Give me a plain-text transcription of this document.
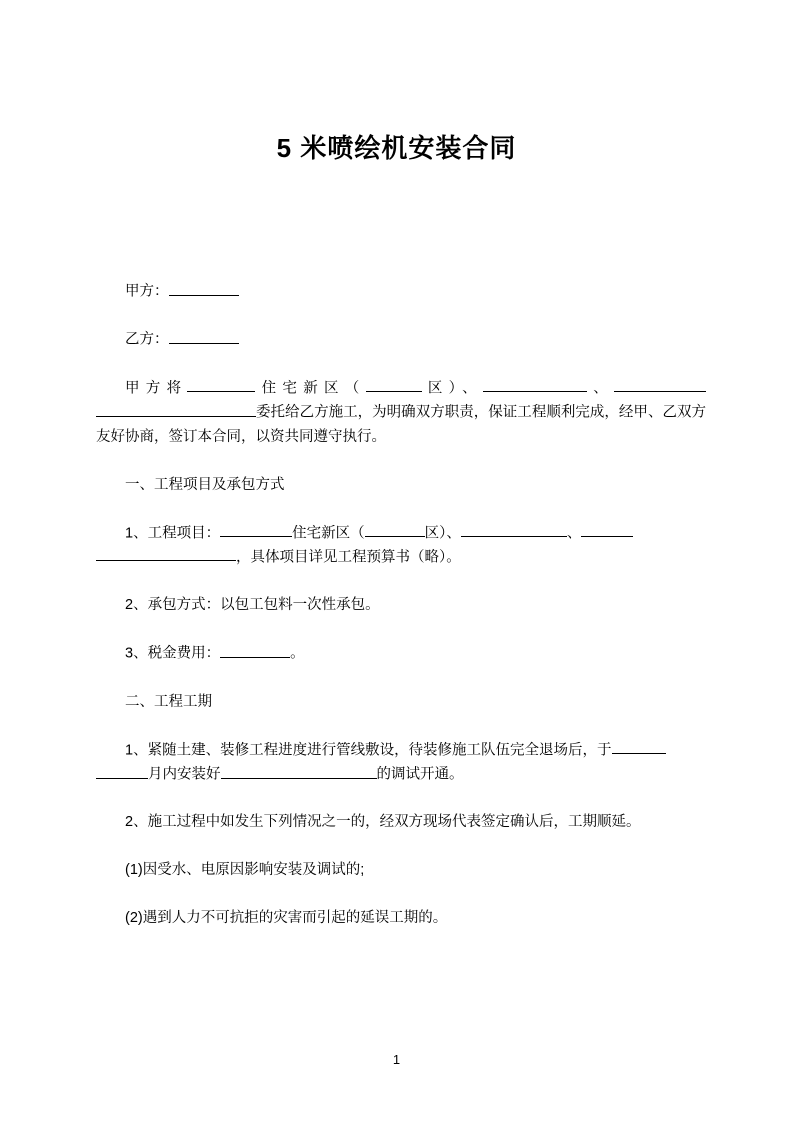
5 米喷绘机安装合同

甲方：

乙方：

甲方将	住宅新区（	区）、	、委托给乙方施工，为明确双方职责，保证工程顺利完成，经甲、乙双方友好协商，签订本合同，以资共同遵守执行。

一、工程项目及承包方式

1、工程项目：	住宅新区（	区）、	、，具体项目详见工程预算书（略）。

2、承包方式：以包工包料一次性承包。

3、税金费用：	。

二、工程工期

1、紧随土建、装修工程进度进行管线敷设，待装修施工队伍完全退场后，于月内安装好	的调试开通。

2、施工过程中如发生下列情况之一的，经双方现场代表签定确认后，工期顺延。

(1)因受水、电原因影响安装及调试的;

(2)遇到人力不可抗拒的灾害而引起的延误工期的。

1
